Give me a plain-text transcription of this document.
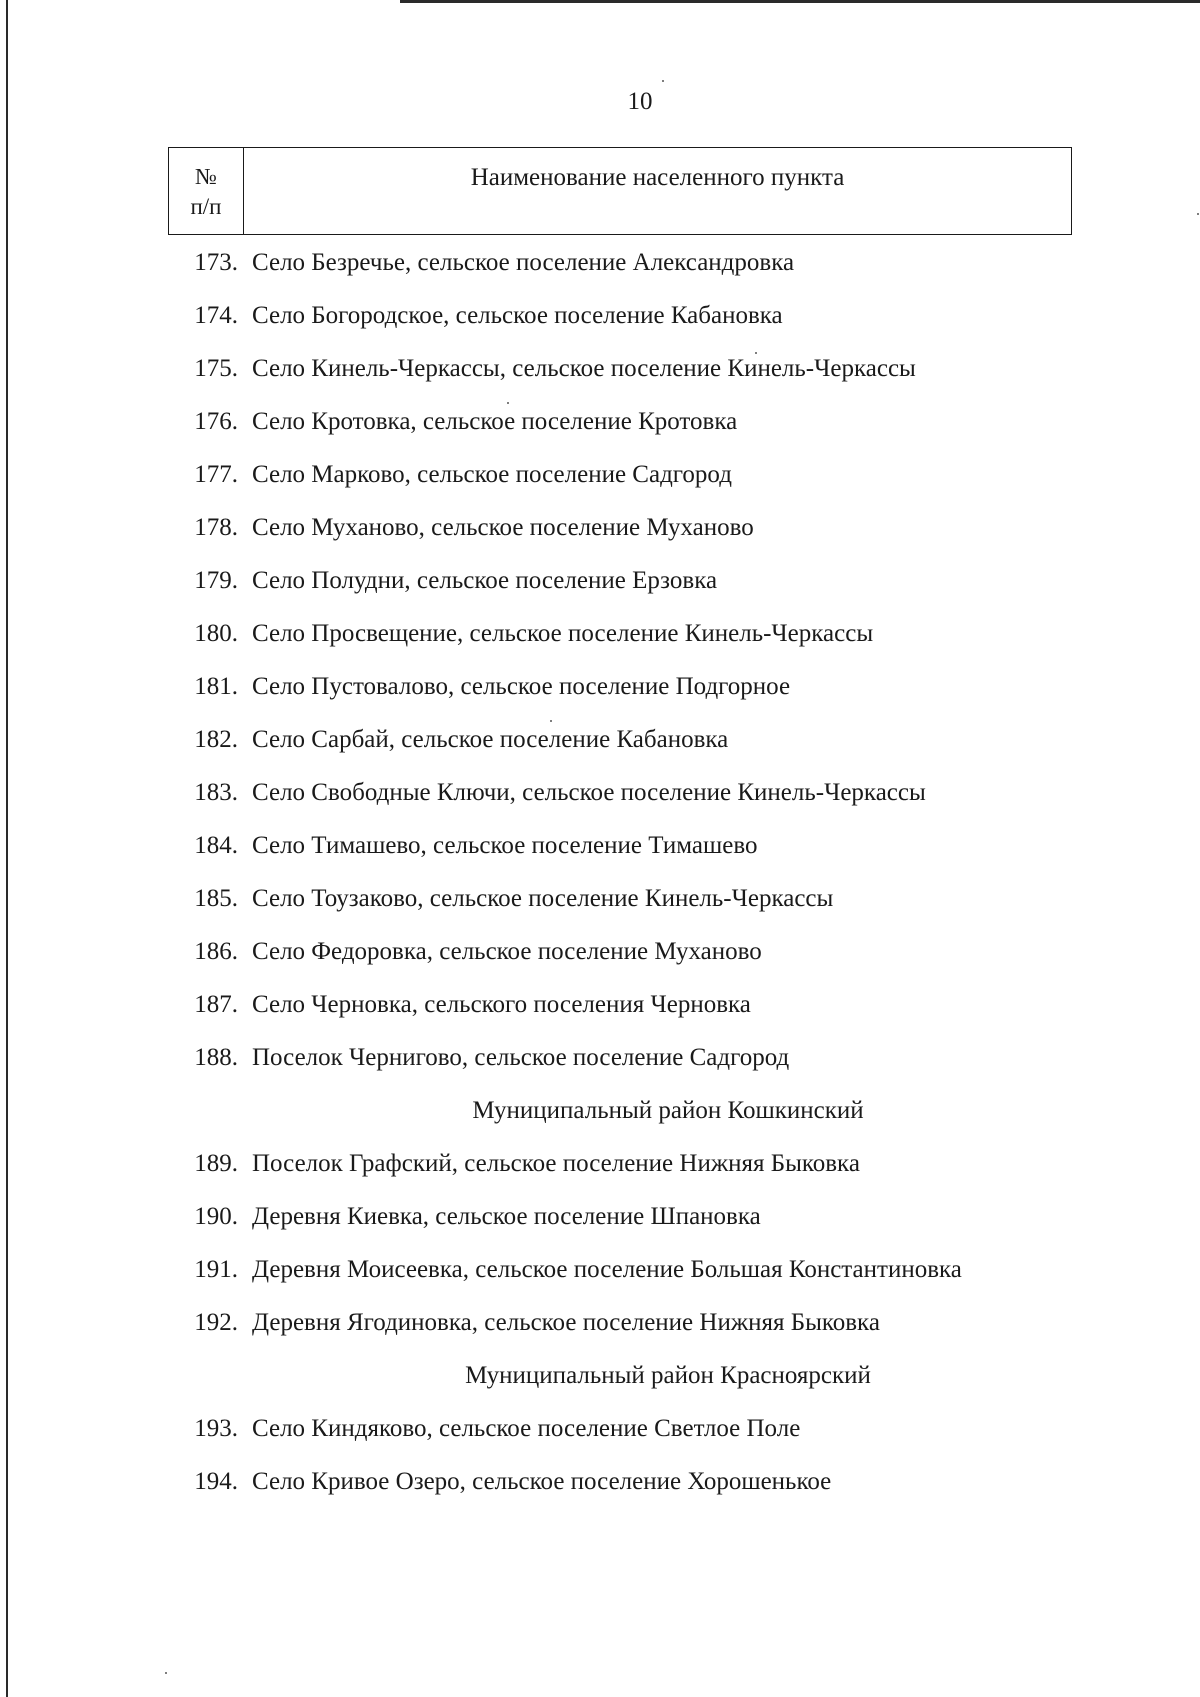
10
№
п/п
Наименование населенного пункта
173. Село Безречье, сельское поселение Александровка
174. Село Богородское, сельское поселение Кабановка
175. Село Кинель-Черкассы, сельское поселение Кинель-Черкассы
176. Село Кротовка, сельское поселение Кротовка
177. Село Марково, сельское поселение Садгород
178. Село Муханово, сельское поселение Муханово
179. Село Полудни, сельское поселение Ерзовка
180. Село Просвещение, сельское поселение Кинель-Черкассы
181. Село Пустовалово, сельское поселение Подгорное
182. Село Сарбай, сельское поселение Кабановка
183. Село Свободные Ключи, сельское поселение Кинель-Черкассы
184. Село Тимашево, сельское поселение Тимашево
185. Село Тоузаково, сельское поселение Кинель-Черкассы
186. Село Федоровка, сельское поселение Муханово
187. Село Черновка, сельского поселения Черновка
188. Поселок Чернигово, сельское поселение Садгород
Муниципальный район Кошкинский
189. Поселок Графский, сельское поселение Нижняя Быковка
190. Деревня Киевка, сельское поселение Шпановка
191. Деревня Моисеевка, сельское поселение Большая Константиновка
192. Деревня Ягодиновка, сельское поселение Нижняя Быковка
Муниципальный район Красноярский
193. Село Киндяково, сельское поселение Светлое Поле
194. Село Кривое Озеро, сельское поселение Хорошенькое
